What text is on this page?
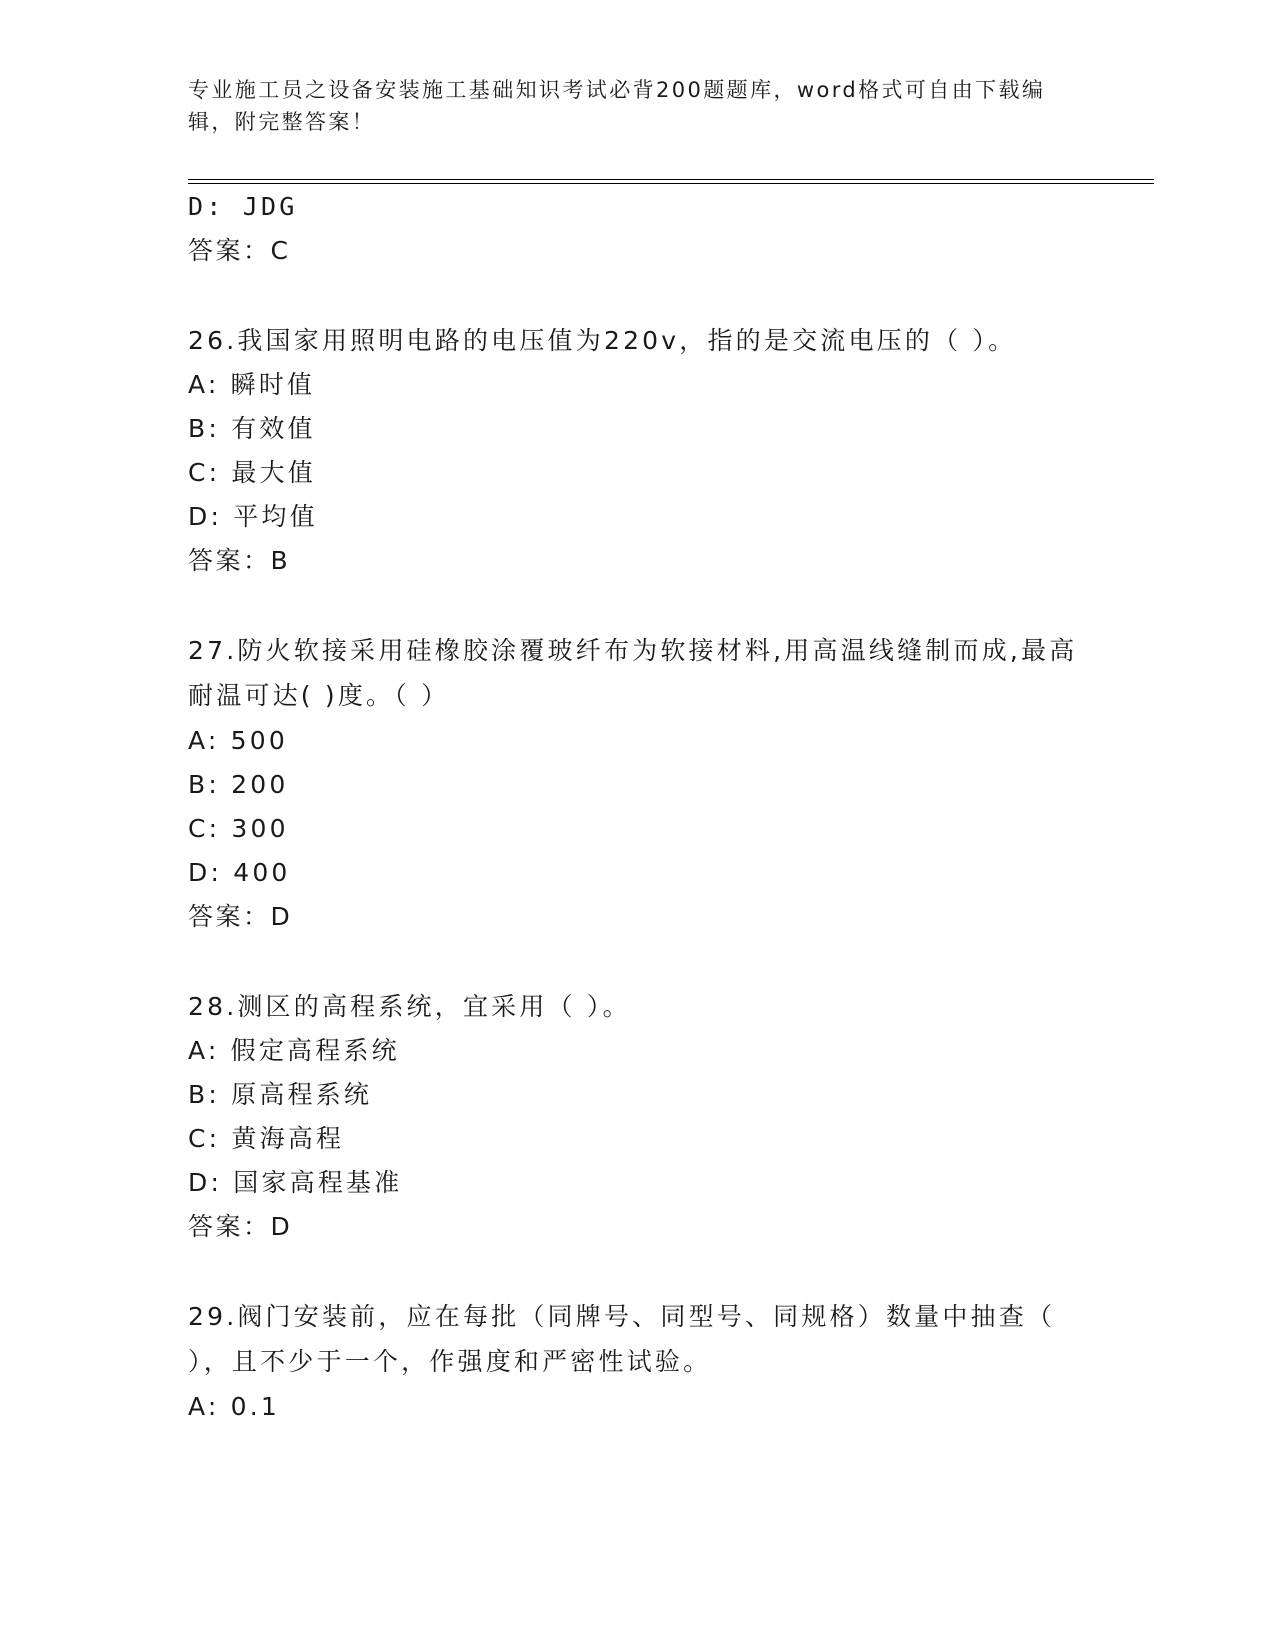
专业施工员之设备安装施工基础知识考试必背200题题库，word格式可自由下载编辑，附完整答案！
D: JDG
答案：C
26.我国家用照明电路的电压值为220v，指的是交流电压的（ ）。
A: 瞬时值
B: 有效值
C: 最大值
D: 平均值
答案：B
27.防火软接采用硅橡胶涂覆玻纤布为软接材料,用高温线缝制而成,最高耐温可达( )度。（ ）
A: 500
B: 200
C: 300
D: 400
答案：D
28.测区的高程系统，宜采用（ ）。
A: 假定高程系统
B: 原高程系统
C: 黄海高程
D: 国家高程基准
答案：D
29.阀门安装前，应在每批（同牌号、同型号、同规格）数量中抽查（ ），且不少于一个，作强度和严密性试验。
A: 0.1
